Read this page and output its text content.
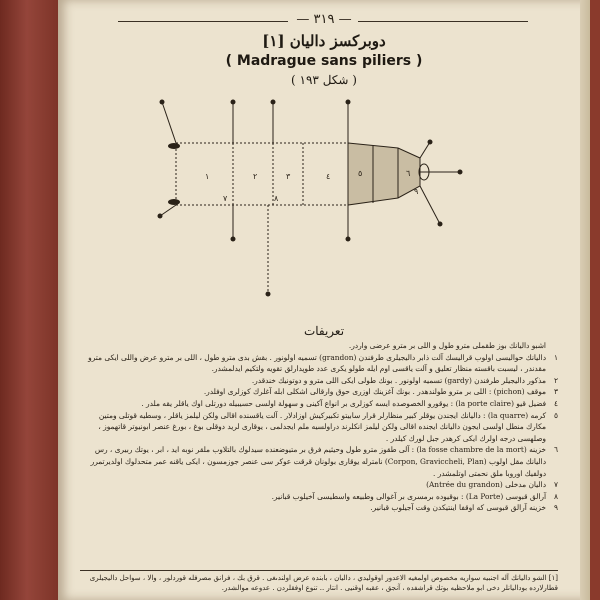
— ٣١٩ —
دوبركسز دالیان [۱]
( Madrague sans piliers )
( شكل ١٩٣ )
١	٢	٣	٤	٥	٦
٧	٨
٩
تعريفات
اشبو داليانك بوز طقملى مترو طول و اللى بر مترو عرضى واردر.
١
داليانك حواليسى اولوب قراليسك آلت ذابر داليجيلرى طرفندن (grandon) تسميه اولونور . بقش بدى مترو طول ، اللى بر مترو عرض واللى ايكى مترو مقدندر ، ليسبت باقسته منظار تعليق و آلت ياقسى اوم ايله طولو يكرى عدد طوپدارلق تقويه ولتكيم ايدلمشدر.
٢
مذكور داليجيلر طرفندن (gardy) تسميه اولونور . بونك طولى ايكى اللى مترو و دوتونيك خندقدر.
٣
موقف (pichon) : اللى بر مترو طولندهدر . بونك آغزينك اوزرى حوق وارقالى اشكلى ابله آغلرك كوزلرى اوفلدر.
٤
فضيل قيو (la porte claire) : يوقورو الخصوصده ايسه كوزلرى بر انواع آكينى و سهولة اولسى حسيبيله دورتلى اوك ياقلر يقه ملدر .
٥
كرمه (la quarre) : داليانك ايجندن يوقلر كبير منظارلر قرار سابيتو تكبيركيش اوزادلار . آلت ياقسنده اقالى ولكن ليلمز ياقلر ، وسطيه قوتلى ومتين مكارك منطل اولسى ايجون داليانك ايجنده اقالى ولكن ليلمز انكلرند دراولسيه ملم ايجدلمى ، يوقارى لريد دوقلى بوغ ، بورغ عنصر ابونيوتر قاتهموز ، وصلهسى درجه اولرك ايكى كرهدر جبل لورك كيلدر .
٦
خزينه (la fosse chambre de la mort) : آلى طقوز مترو طول وحيثيم فرق بر متيوضعنده سيدلوك بالتلاوب ملقر نوبه ايد ، ابر ، يوتك ربيرى ، رس داليانك مقل اولوب (Corpon, Graviccheli, Plan) نامترله يوقارى بولونان قرقت عوكر سى عنصر جوزمسون ، ايكى ياقنه عمر متحدلوك اولديرتمرر دولفيك اوروبا ملق نحمتى اوتلمشدر .
٧
داليان مدخلى (Antrée du grandon)
٨
آرالق قبوسى (La Porte) : بوقيوده برمسرى بر آغوالى وطبيعه واسطيسى آخيلوب قبانير.
٩
خزينه آرالق قبوسى كه اوقفا اينتيكدن وقت آجيلوب قبانير.
[۱] الشو داليانك آله اجنبيه سواريه مخصوص اولمغيه الاعدور اوقوليدي ، داليان ، بابنده عرض اولندىغى . قرق بك ، فرانق مصرفله قوردلور ، والا ، سواحل داليجيلرى قطارلارده بوداليانلر دخى ابو ملاحظيه بوتك قراشفده ، آنجق ، عقبه اوقنيى . انتار .. تنوع اوفقلردن . عدوعه موالشدر.
